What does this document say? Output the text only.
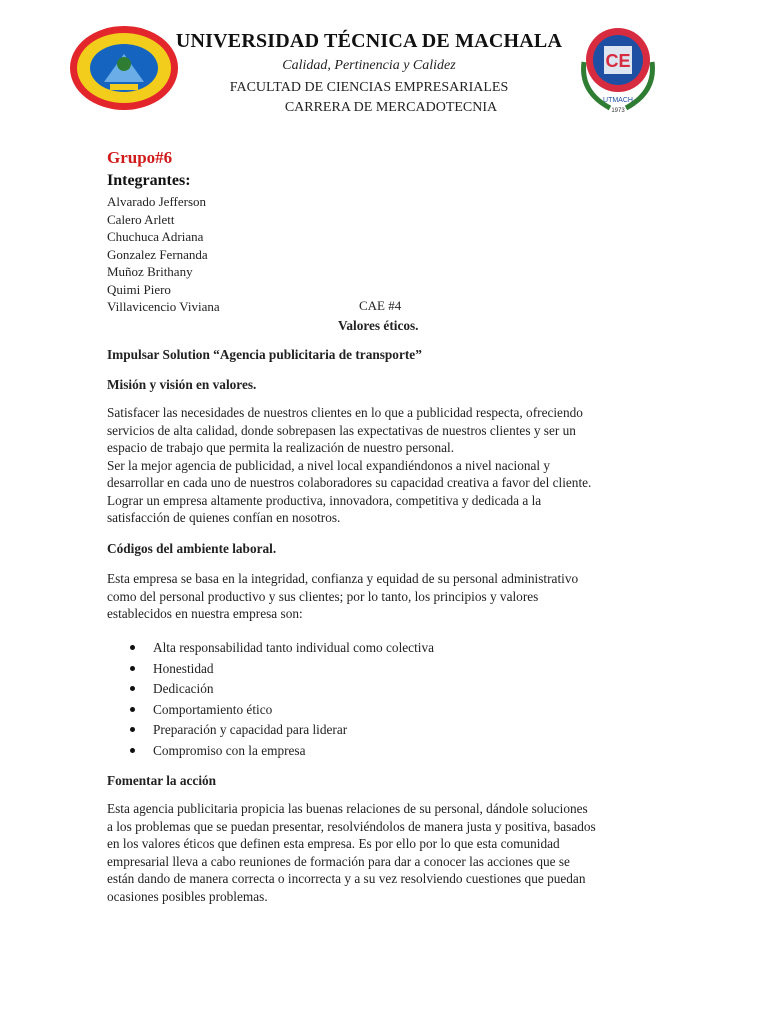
CE
UTMACH
1973
UNIVERSIDAD TÉCNICA DE MACHALA
Calidad, Pertinencia y Calidez
FACULTAD DE CIENCIAS EMPRESARIALES
CARRERA DE MERCADOTECNIA
Grupo#6
Integrantes:
Alvarado Jefferson
Calero Arlett
Chuchuca Adriana
Gonzalez Fernanda
Muñoz Brithany
Quimi Piero
Villavicencio Viviana	CAE #4
Valores éticos.
Impulsar Solution “Agencia publicitaria de transporte”
Misión y visión en valores.
Satisfacer las necesidades de nuestros clientes en lo que a publicidad respecta, ofreciendo
servicios de alta calidad, donde sobrepasen las expectativas de nuestros clientes y ser un
espacio de trabajo que permita la realización de nuestro personal.
Ser la mejor agencia de publicidad, a nivel local expandiéndonos a nivel nacional y
desarrollar en cada uno de nuestros colaboradores su capacidad creativa a favor del cliente.
Lograr un empresa altamente productiva, innovadora, competitiva y dedicada a la
satisfacción de quienes confían en nosotros.
Códigos del ambiente laboral.
Esta empresa se basa en la integridad, confianza y equidad de su personal administrativo
como del personal productivo y sus clientes; por lo tanto, los principios y valores
establecidos en nuestra empresa son:
Alta responsabilidad tanto individual como colectiva
Honestidad
Dedicación
Comportamiento ético
Preparación y capacidad para liderar
Compromiso con la empresa
Fomentar la acción
Esta agencia publicitaria propicia las buenas relaciones de su personal, dándole soluciones
a los problemas que se puedan presentar, resolviéndolos de manera justa y positiva, basados
en los valores éticos que definen esta empresa. Es por ello por lo que esta comunidad
empresarial lleva a cabo reuniones de formación para dar a conocer las acciones que se
están dando de manera correcta o incorrecta y a su vez resolviendo cuestiones que puedan
ocasiones posibles problemas.
